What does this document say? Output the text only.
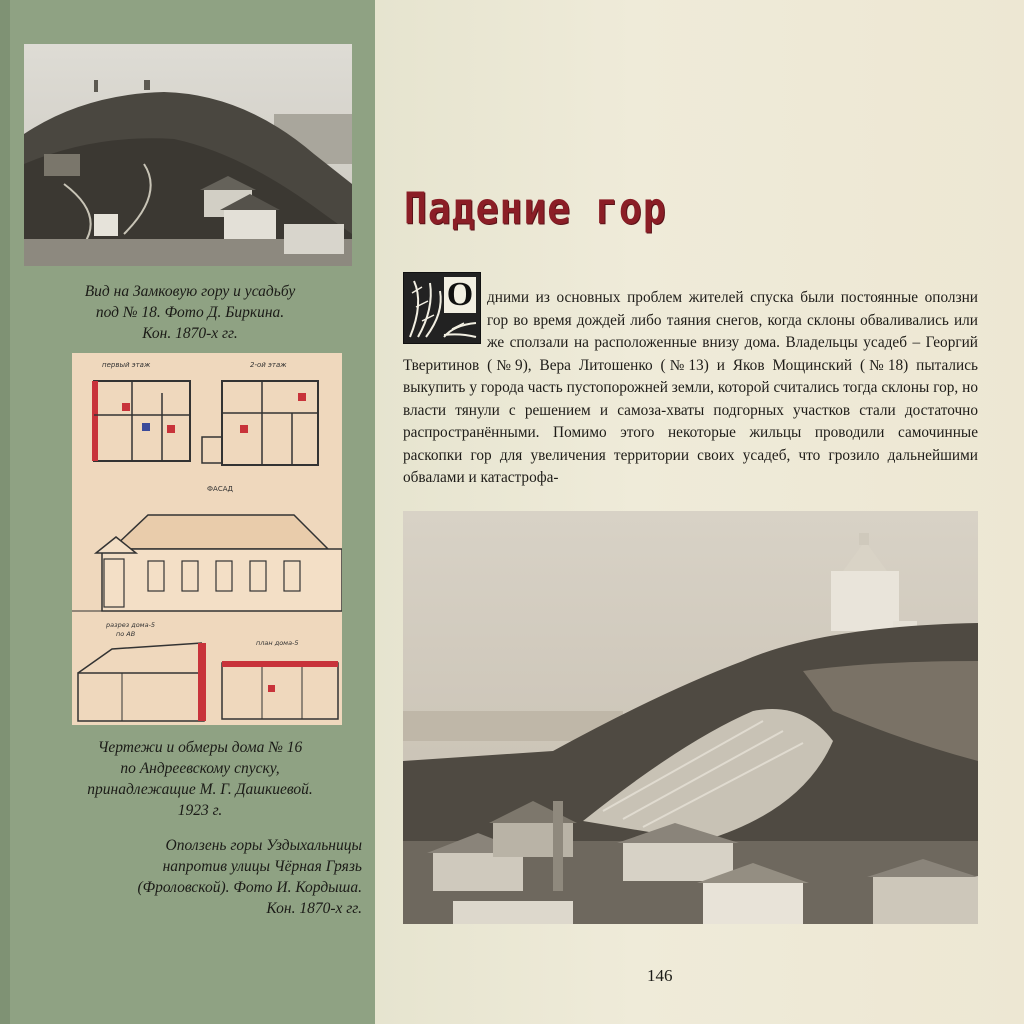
Вид на Замковую гору и усадьбу
под № 18. Фото Д. Биркина.
Кон. 1870-х гг.
первый этаж	2-ой этаж
ФАСАД
разрез дома-5
по АВ
план дома-5
Чертежи и обмеры дома № 16
по Андреевскому спуску,
принадлежащие М. Г. Дашкиевой.
1923 г.
Оползень горы Уздыхальницы
напротив улицы Чёрная Грязь
(Фроловской). Фото И. Кордыша.
Кон. 1870-х гг.
Падение гор
О дними из основных проблем жителей спуска были постоянные оползни гор во время дождей либо таяния снегов, когда склоны обваливались или же сползали на расположенные внизу дома. Владельцы усадеб – Георгий Тверитинов (№9), Вера Литошенко (№13) и Яков Мощинский (№18) пытались выкупить у города часть пустопорожней земли, которой считались тогда склоны гор, но власти тянули с решением и самоза-хваты подгорных участков стали достаточно распространёнными. Помимо этого некоторые жильцы проводили самочинные раскопки гор для увеличения территории своих усадеб, что грозило дальнейшими обвалами и катастрофа-
146
